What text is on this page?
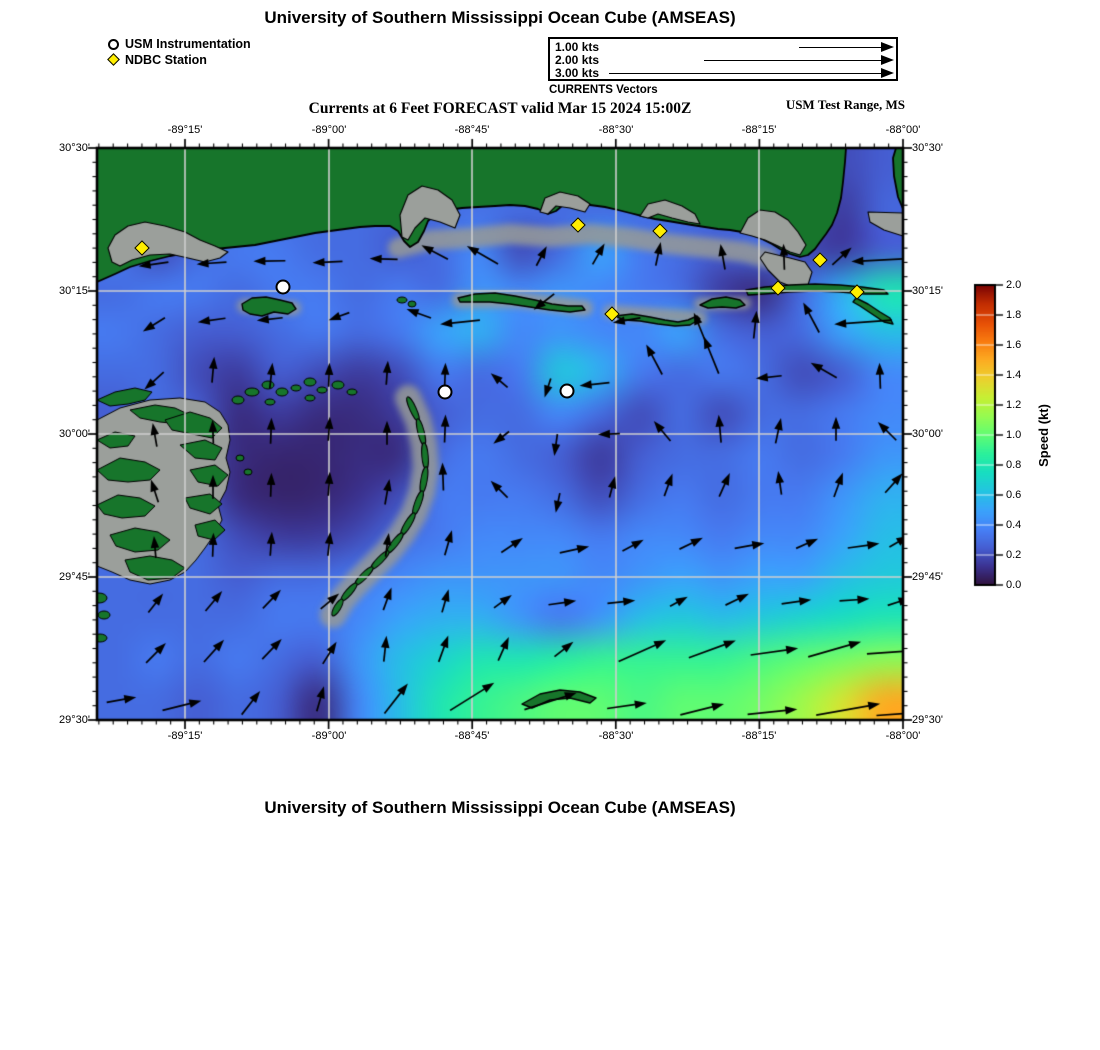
University of Southern Mississippi Ocean Cube (AMSEAS)
USM Instrumentation
NDBC Station
1.00 kts
2.00 kts
3.00 kts
CURRENTS Vectors
Currents at 6 Feet FORECAST valid Mar 15 2024 15:00Z	USM Test Range, MS
-89°15'
-89°15'
-89°00'
-89°00'
-88°45'
-88°45'
-88°30'
-88°30'
-88°15'
-88°15'
-88°00'
-88°00'
30°30'	30°30'
30°15'	30°15'
30°00'	30°00'
29°45'	29°45'
29°30'	29°30'
0.0
0.2
0.4
0.6
0.8
1.0
1.2
1.4
1.6
1.8
2.0
Speed (kt)
University of Southern Mississippi Ocean Cube (AMSEAS)
